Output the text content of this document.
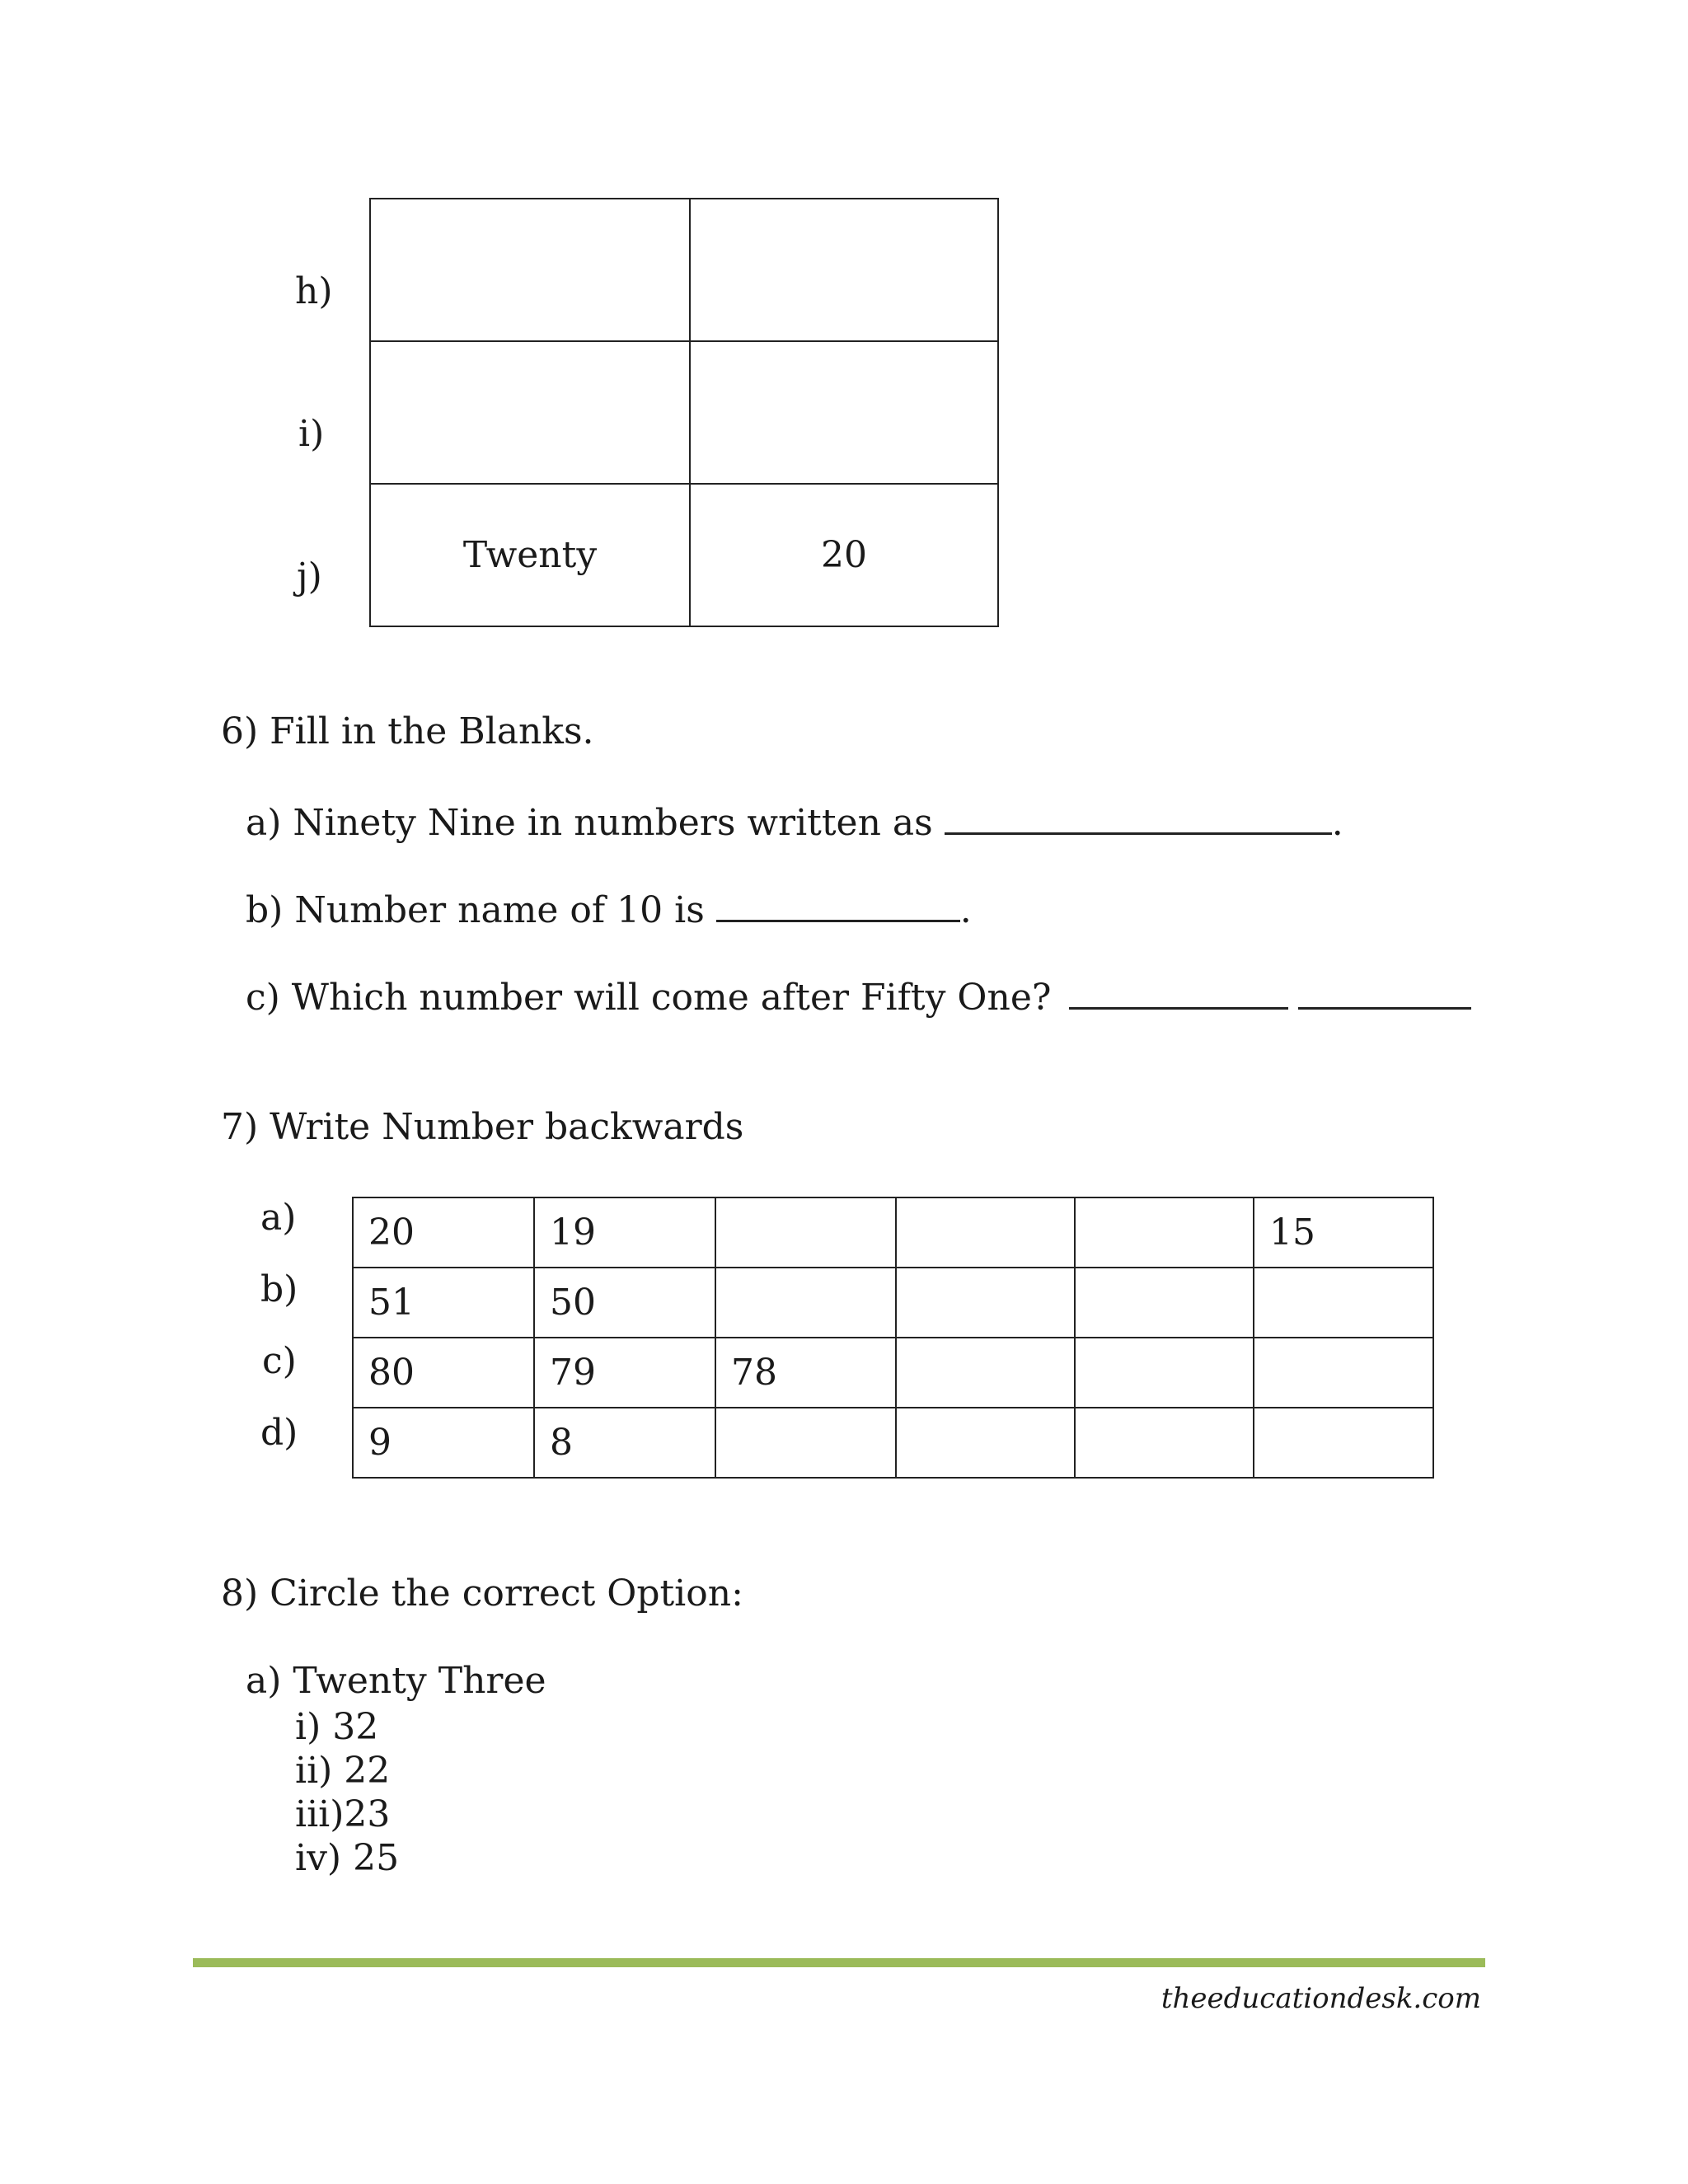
h)
i)
j)

Twenty	20
6) Fill in the Blanks.
a) Ninety Nine in numbers written as	.
b) Number name of 10 is	.
c) Which number will come after Fifty One?
7) Write Number backwards
a)
b)
c)
d)
20	19				15
51	50				
80	79	78			
9	8				
8) Circle the correct Option:
a) Twenty Three
i) 32
ii) 22
iii)23
iv) 25
theeducationdesk.com
